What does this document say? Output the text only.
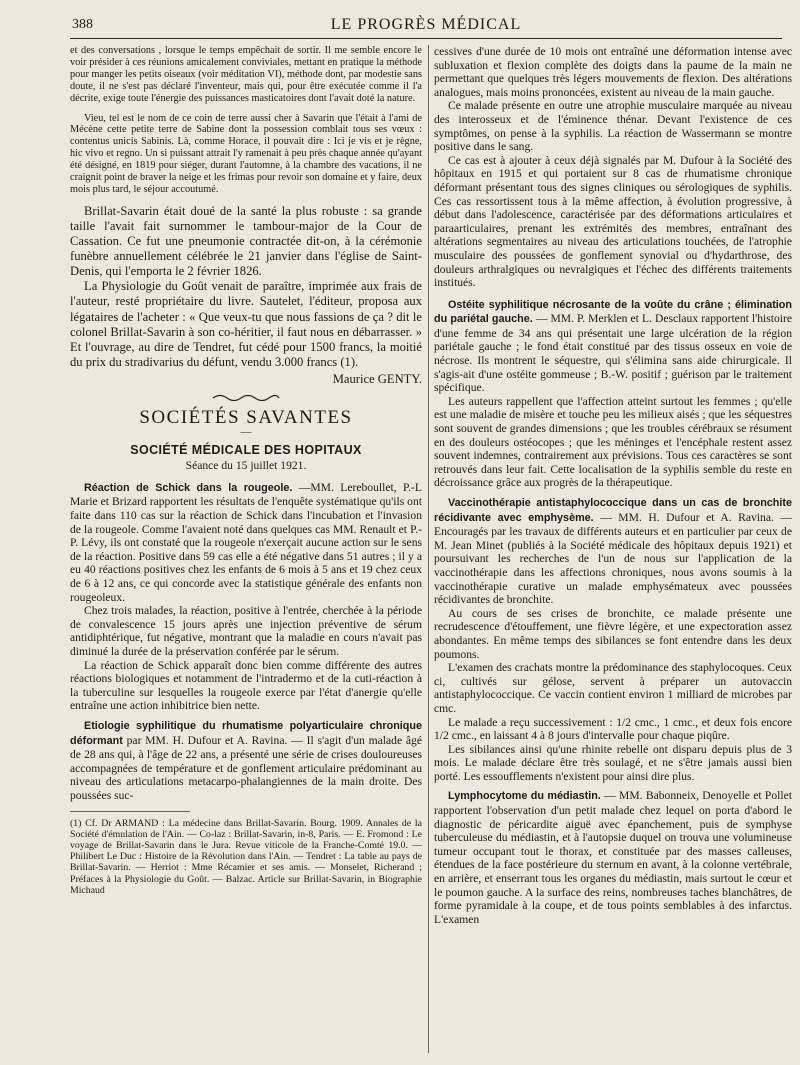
388	LE PROGRÈS MÉDICAL

et des conversations , lorsque le temps empêchait de sortir. Il me semble encore le voir présider à ces réunions amicalement conviviales, mettant en pratique la méthode pour manger les petits oiseaux (voir méditation VI), méthode dont, par modestie sans doute, il ne s'est pas déclaré l'inventeur, mais qui, pour être exécutée comme il l'a décrite, exige toute l'énergie des puissances masticatoires dont l'avait doté la nature.

Vieu, tel est le nom de ce coin de terre aussi cher à Savarin que l'était à l'ami de Mécène cette petite terre de Sabine dont la possession comblait tous ses vœux : contentus unicis Sabinis. Là, comme Horace, il pouvait dire : Ici je vis et je règne, hic vivo et regno. Un si puissant attrait l'y ramenait à peu près chaque année qu'ayant été désigné, en 1819 pour siéger, durant l'automne, à la chambre des vacations, il ne craignit point de braver la neige et les frimas pour revoir son domaine et y faire, deux mois plus tard, le séjour accoutumé.

Brillat-Savarin était doué de la santé la plus robuste : sa grande taille l'avait fait surnommer le tambour-major de la Cour de Cassation. Ce fut une pneumonie contractée dit-on, à la cérémonie funèbre annuellement célébrée le 21 janvier dans l'église de Saint-Denis, qui l'emporta le 2 février 1826.

La Physiologie du Goût venait de paraître, imprimée aux frais de l'auteur, resté propriétaire du livre. Sautelet, l'éditeur, proposa aux légataires de l'acheter : « Que veux-tu que nous fassions de ça ? dit le colonel Brillat-Savarin à son co-héritier, il faut nous en débarrasser. » Et l'ouvrage, au dire de Tendret, fut cédé pour 1500 francs, la moitié du prix du stradivarius du défunt, vendu 3.000 francs (1).

Maurice GENTY.
SOCIÉTÉS SAVANTES
—
SOCIÉTÉ MÉDICALE DES HOPITAUX
Séance du 15 juillet 1921.

Réaction de Schick dans la rougeole. —MM. Lereboullet, P.-L Marie et Brizard rapportent les résultats de l'enquête systématique qu'ils ont faite dans 110 cas sur la réaction de Schick dans l'incubation et l'invasion de la rougeole. Comme l'avaient noté dans quelques cas MM. Renault et P.-P. Lévy, ils ont constaté que la rougeole n'exerçait aucune action sur le sens de la réaction. Positive dans 59 cas elle a été négative dans 51 autres ; il y a eu 40 réactions positives chez les enfants de 6 mois à 5 ans et 19 chez ceux de 6 à 12 ans, ce qui concorde avec la statistique générale des enfants non rougeoleux.

Chez trois malades, la réaction, positive à l'entrée, cherchée à la période de convalescence 15 jours après une injection préventive de sérum antidiphtérique, fut négative, montrant que la maladie en cours n'avait pas diminué la durée de la préservation conférée par le sérum.

La réaction de Schick apparaît donc bien comme différente des autres réactions biologiques et notamment de l'intradermo et de la cuti-réaction à la tuberculine sur lesquelles la rougeole exerce par l'état d'anergie qu'elle entraîne une action inhibitrice bien nette.

Etiologie syphilitique du rhumatisme polyarticulaire chronique déformant par MM. H. Dufour et A. Ravina. — Il s'agit d'un malade âgé de 28 ans qui, à l'âge de 22 ans, a présenté une série de crises douloureuses accompagnées de température et de gonflement articulaire prédominant au niveau des articulations metacarpo-phalangiennes de la main droite. Des poussées suc-

(1) Cf. Dr ARMAND : La médecine dans Brillat-Savarin. Bourg. 1909. Annales de la Société d'émulation de l'Ain. — Co-laz : Brillat-Savarin, in-8, Paris. — E. Fromond : Le voyage de Brillat-Savarin dans le Jura. Revue viticole de la Franche-Comté 19.0. — Philibert Le Duc : Histoire de la Révolution dans l'Ain. — Tendret : La table au pays de Brillat-Savarin. — Herriot : Mme Récamier et ses amis. — Monselet, Richerand ; Préfaces à la Physiologie du Goût. — Balzac. Article sur Brillat-Savarin, in Biographie Michaud

cessives d'une durée de 10 mois ont entraîné une déformation intense avec subluxation et flexion complète des doigts dans la paume de la main ne permettant que quelques très légers mouvements de flexion. Des altérations analogues, mais moins prononcées, existent au niveau de la main gauche.

Ce malade présente en outre une atrophie musculaire marquée au niveau des interosseux et de l'éminence thénar. Devant l'existence de ces symptômes, on pense à la syphilis. La réaction de Wassermann se montre positive dans le sang.

Ce cas est à ajouter à ceux déjà signalés par M. Dufour à la Société des hôpitaux en 1915 et qui portaient sur 8 cas de rhumatisme chronique déformant présentant tous des signes cliniques ou sérologiques de syphilis. Ces cas ressortissent tous à la même affection, à évolution progressive, à début dans l'adolescence, caractérisée par des déformations articulaires et paraarticulaires, prenant les extrémités des membres, entraînant des altérations segmentaires au niveau des articulations touchées, de l'atrophie musculaire des poussées de gonflement synovial ou d'hydarthrose, des douleurs arthralgiques ou nevralgiques et l'échec des différents traitements institués.

Ostéite syphilitique nécrosante de la voûte du crâne ; élimination du pariétal gauche. — MM. P. Merklen et L. Desclaux rapportent l'histoire d'une femme de 34 ans qui présentait une large ulcération de la région pariétale gauche ; le fond était constitué par des tissus osseux en voie de nécrose. Ils montrent le séquestre, qui s'élimina sans aide chirurgicale. Il s'agis-ait d'une ostéite gommeuse ; B.-W. positif ; guérison par le traitement spécifique.

Les auteurs rappellent que l'affection atteint surtout les femmes ; qu'elle est une maladie de misère et touche peu les milieux aisés ; que les séquestres sont souvent de grandes dimensions ; que les troubles cérébraux se résument en des douleurs ostéocopes ; que les méninges et l'encéphale restent assez souvent indemnes, contrairement aux prévisions. Tous ces caractères se sont retrouvés dans leur fait. Cette localisation de la syphilis semble du reste en décroissance grâce aux progrès de la thérapeutique.

Vaccinothérapie antistaphylococcique dans un cas de bronchite récidivante avec emphysème. — MM. H. Dufour et A. Ravina. — Encouragés par les travaux de différents auteurs et en particulier par ceux de M. Jean Minet (publiés à la Société médicale des hôpitaux depuis 1921) et poursuivant les recherches de l'un de nous sur l'application de la vaccinothérapie dans les affections chroniques, nous avons soumis à la vaccinothérapie curative un malade emphysémateux avec poussées récidivantes de bronchite.

Au cours de ses crises de bronchite, ce malade présente une recrudescence d'étouffement, une fièvre légère, et une expectoration assez abondantes. En même temps des sibilances se font entendre dans les deux poumons.

L'examen des crachats montre la prédominance des staphylocoques. Ceux ci, cultivés sur gélose, servent à préparer un autovaccin antistaphylococcique. Ce vaccin contient environ 1 milliard de microbes par cmc.

Le malade a reçu successivement : 1/2 cmc., 1 cmc., et deux fois encore 1/2 cmc., en laissant 4 à 8 jours d'intervalle pour chaque piqûre.

Les sibilances ainsi qu'une rhinite rebelle ont disparu depuis plus de 3 mois. Le malade déclare être très soulagé, et ne s'être jamais aussi bien porté. Les essoufflements n'existent pour ainsi dire plus.

Lymphocytome du médiastin. — MM. Babonneix, Denoyelle et Pollet rapportent l'observation d'un petit malade chez lequel on porta d'abord le diagnostic de péricardite aiguë avec épanchement, puis de symphyse tuberculeuse du médiastin, et à l'autopsie duquel on trouva une volumineuse tumeur occupant tout le thorax, et constituée par des masses calleuses, étendues de la face postérieure du sternum en avant, à la colonne vertébrale, en arrière, et enserrant tous les organes du médiastin, mais surtout le cœur et le poumon gauche. A la surface des reins, nombreuses taches blanchâtres, de forme pyramidale à la coupe, et de tous points semblables à des infarctus. L'examen
